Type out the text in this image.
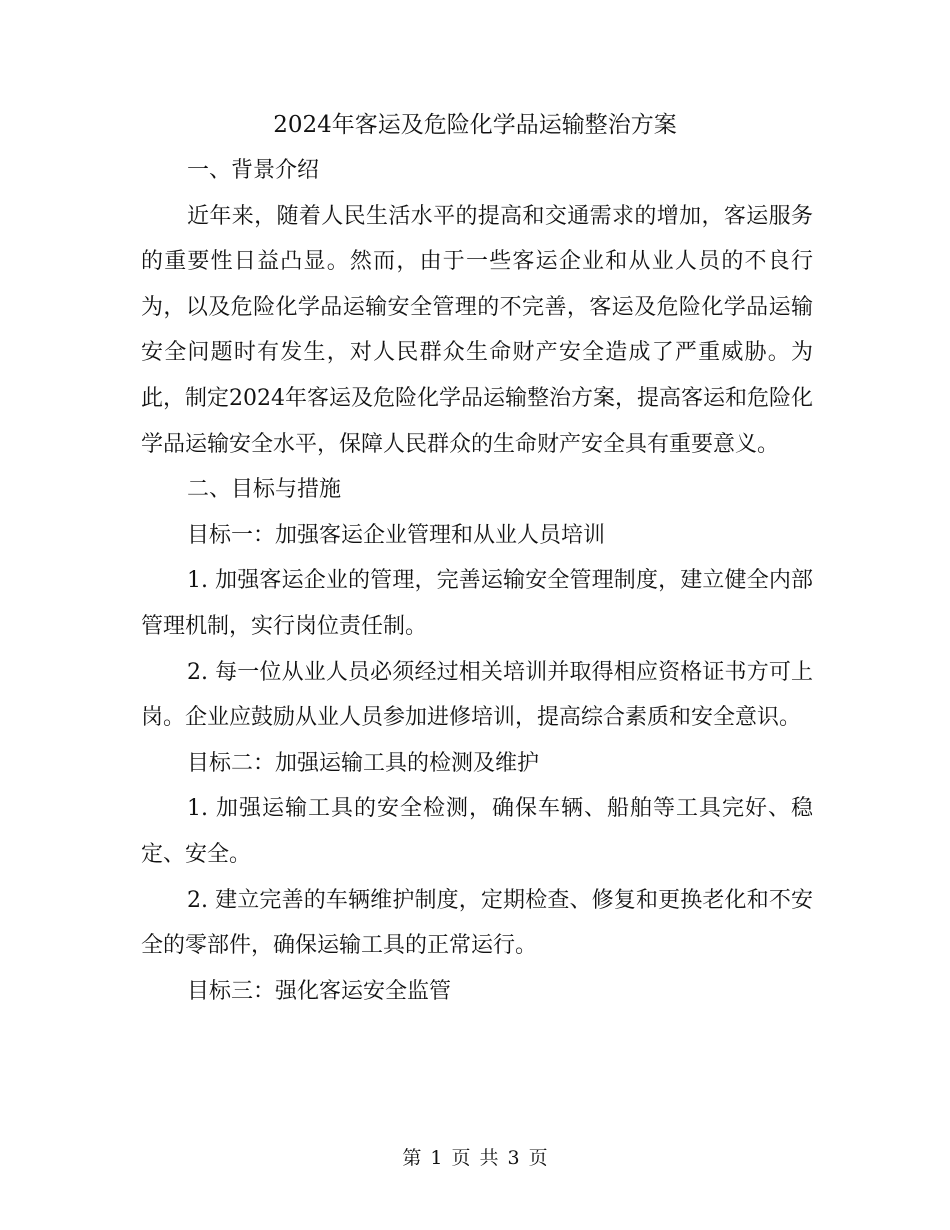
2024年客运及危险化学品运输整治方案

一、背景介绍

近年来，随着人民生活水平的提高和交通需求的增加，客运服务的重要性日益凸显。然而，由于一些客运企业和从业人员的不良行为，以及危险化学品运输安全管理的不完善，客运及危险化学品运输安全问题时有发生，对人民群众生命财产安全造成了严重威胁。为此，制定2024年客运及危险化学品运输整治方案，提高客运和危险化学品运输安全水平，保障人民群众的生命财产安全具有重要意义。

二、目标与措施

目标一：加强客运企业管理和从业人员培训

1. 加强客运企业的管理，完善运输安全管理制度，建立健全内部管理机制，实行岗位责任制。

2. 每一位从业人员必须经过相关培训并取得相应资格证书方可上岗。企业应鼓励从业人员参加进修培训，提高综合素质和安全意识。

目标二：加强运输工具的检测及维护

1. 加强运输工具的安全检测，确保车辆、船舶等工具完好、稳定、安全。

2. 建立完善的车辆维护制度，定期检查、修复和更换老化和不安全的零部件，确保运输工具的正常运行。

目标三：强化客运安全监管

第 1 页 共 3 页
